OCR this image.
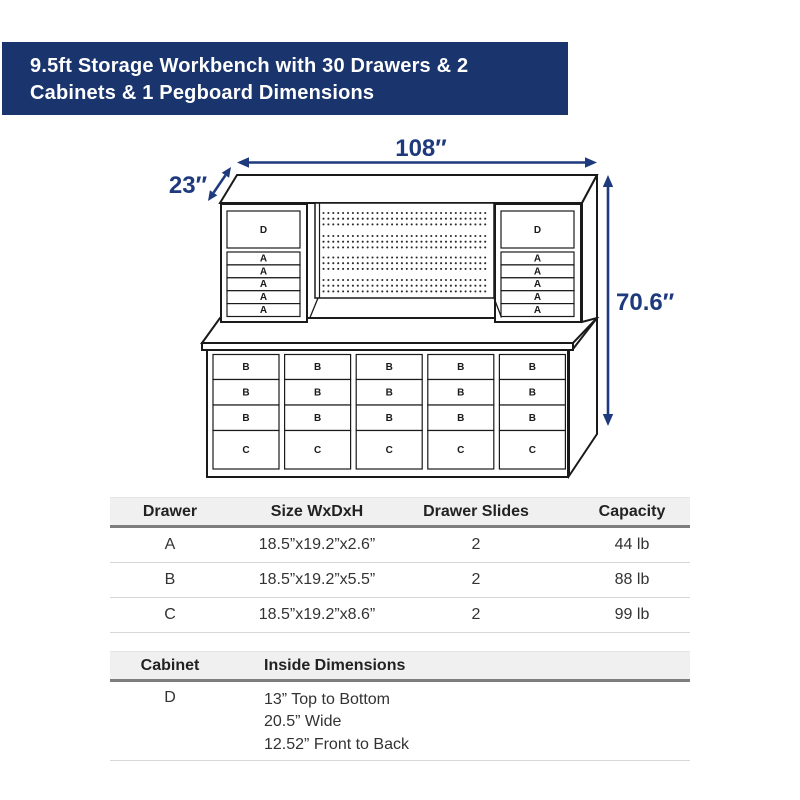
9.5ft Storage Workbench with 30 Drawers & 2
Cabinets & 1 Pegboard Dimensions
D
A
A
A
A
A
D
A
A
A
A
A
B
B
B
C
B
B
B
C
B
B
B
C
B
B
B
C
B
B
B
C
108″
23″
70.6″
Drawer	Size WxDxH	Drawer Slides	Capacity
A	18.5”x19.2”x2.6”	2	44 lb
B	18.5”x19.2”x5.5”	2	88 lb
C	18.5”x19.2”x8.6”	2	99 lb
Cabinet	Inside Dimensions
D	13” Top to Bottom
20.5” Wide
12.52” Front to Back
